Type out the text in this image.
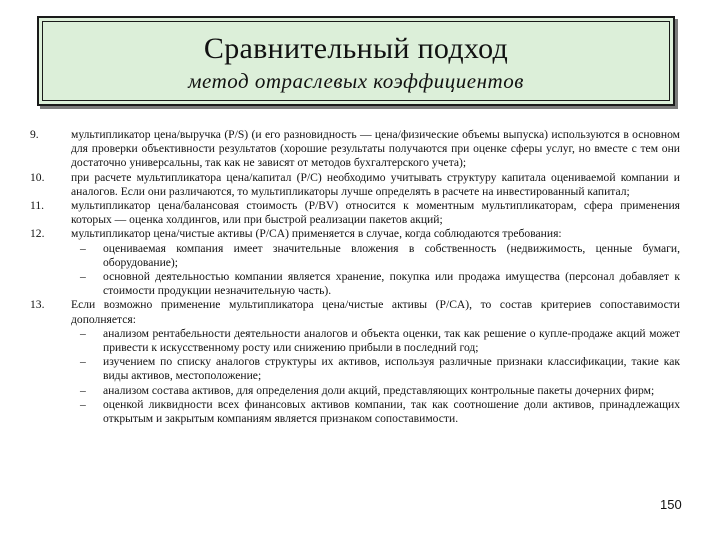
Сравнительный подход
метод отраслевых коэффициентов
9.	мультипликатор цена/выручка (P/S) (и его разновидность — цена/физические объемы выпуска) используются в основном для проверки объективности результатов (хорошие результаты получаются при оценке сферы услуг, но вместе с тем они достаточно универсальны, так как не зависят от методов бухгалтерского учета);
10.	при расчете мультипликатора цена/капитал (P/C) необходимо учитывать структуру капитала оцениваемой компании и аналогов. Если они различаются, то мультипликаторы лучше определять в расчете на инвестированный капитал;
11.	мультипликатор цена/балансовая стоимость (P/BV) относится к моментным мультипликаторам, сфера применения которых — оценка холдингов, или при быстрой реализации пакетов акций;
12.	мультипликатор цена/чистые активы (P/CA) применяется в случае, когда соблюдаются требования:
– оцениваемая компания имеет значительные вложения в собственность (недвижимость, ценные бумаги, оборудование);
– основной деятельностью компании является хранение, покупка или продажа имущества (персонал добавляет к стоимости продукции незначительную часть).
13.	Если возможно применение мультипликатора цена/чистые активы (P/CA), то состав критериев сопоставимости дополняется:
– анализом рентабельности деятельности аналогов и объекта оценки, так как решение о купле-продаже акций может привести к искусственному росту или снижению прибыли в последний год;
– изучением по списку аналогов структуры их активов, используя различные признаки классификации, такие как виды активов, местоположение;
– анализом состава активов, для определения доли акций, представляющих контрольные пакеты дочерних фирм;
– оценкой ликвидности всех финансовых активов компании, так как соотношение доли активов, принадлежащих открытым и закрытым компаниям является признаком сопоставимости.
150
